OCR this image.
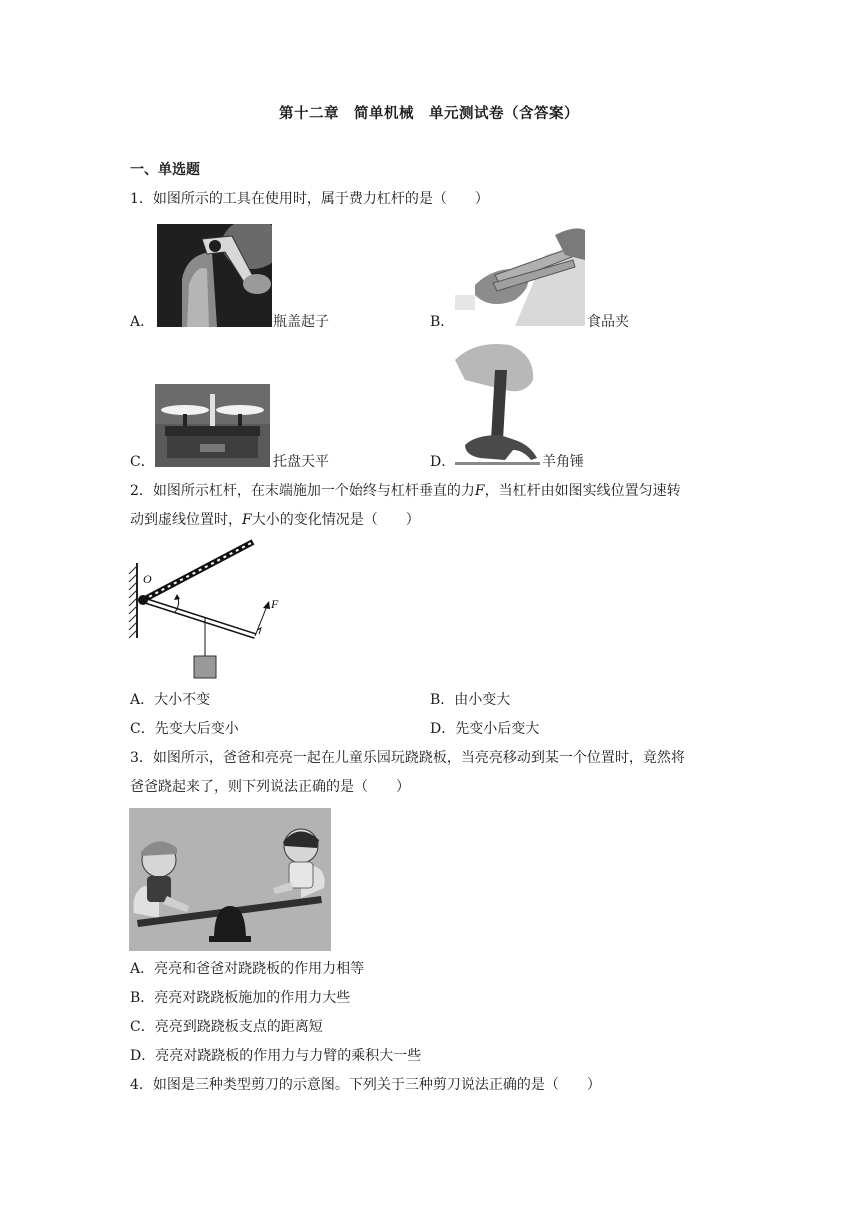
第十二章　简单机械　单元测试卷（含答案）
一、单选题
1．如图所示的工具在使用时，属于费力杠杆的是（　　）
A．	瓶盖起子	B．	食品夹
C．	托盘天平	D．	羊角锤
2．如图所示杠杆，在末端施加一个始终与杠杆垂直的力F，当杠杆由如图实线位置匀速转
动到虚线位置时，F大小的变化情况是（　　）
O
F
A．大小不变	B．由小变大
C．先变大后变小	D．先变小后变大
3．如图所示，爸爸和亮亮一起在儿童乐园玩跷跷板，当亮亮移动到某一个位置时，竟然将
爸爸跷起来了，则下列说法正确的是（　　）
A．亮亮和爸爸对跷跷板的作用力相等
B．亮亮对跷跷板施加的作用力大些
C．亮亮到跷跷板支点的距离短
D．亮亮对跷跷板的作用力与力臂的乘积大一些
4．如图是三种类型剪刀的示意图。下列关于三种剪刀说法正确的是（　　）
